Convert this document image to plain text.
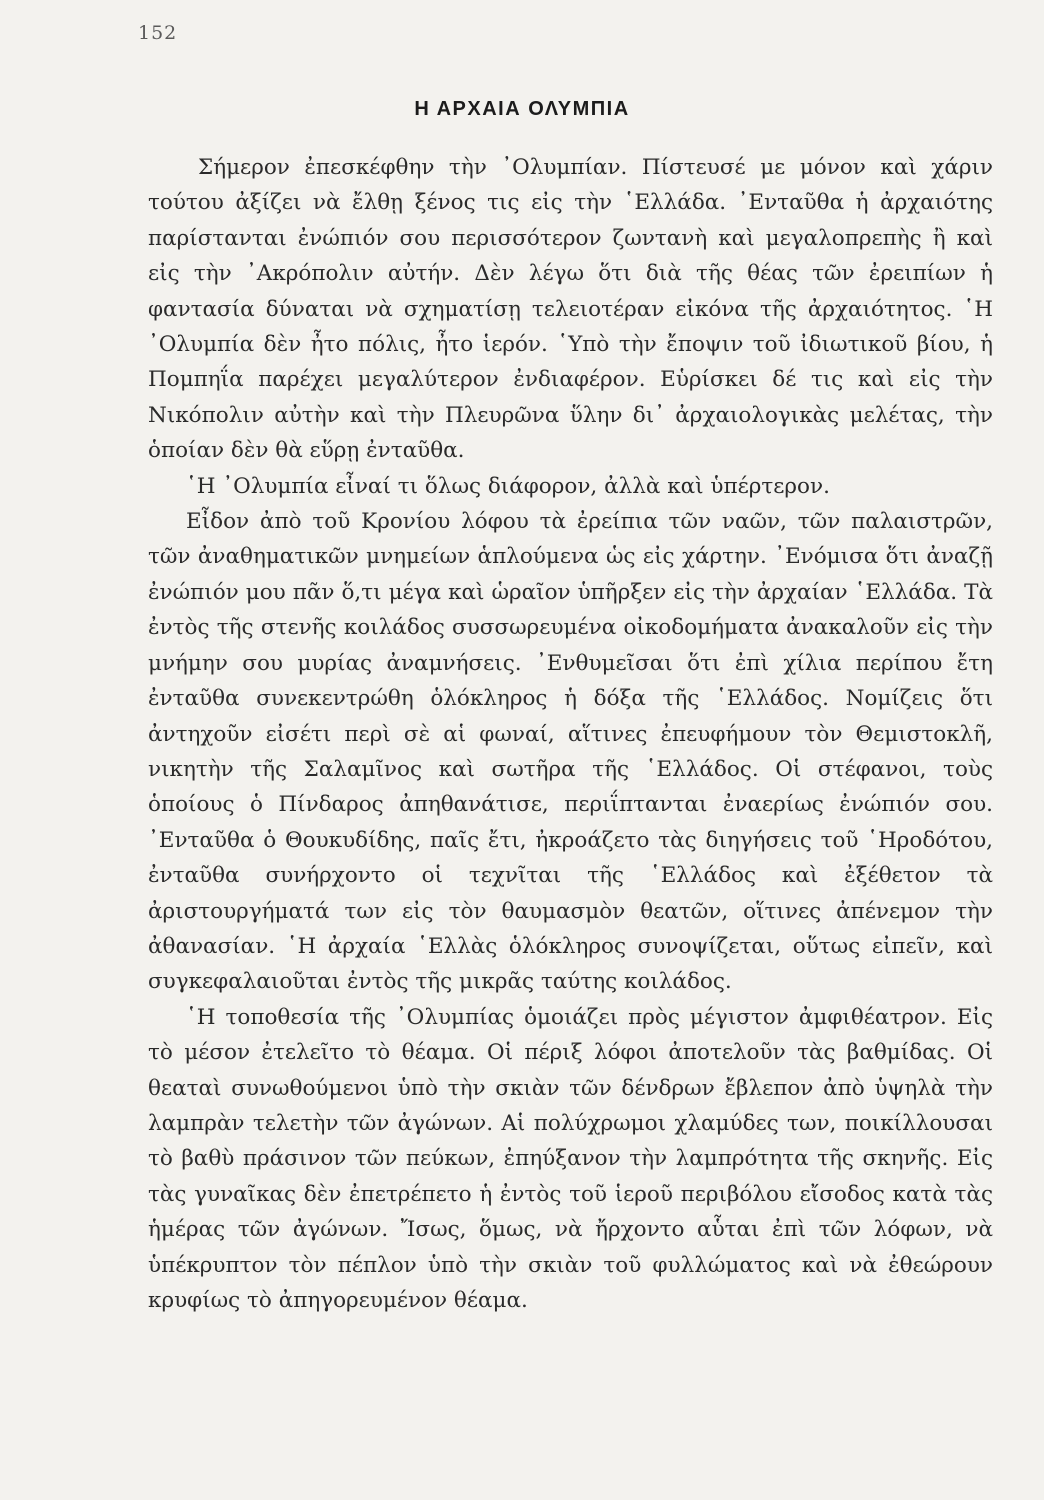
152
Η ΑΡΧΑΙΑ ΟΛΥΜΠΙΑ

Σήμερον ἐπεσκέφθην τὴν ᾽Ολυμπίαν. Πίστευσέ με μόνον καὶ χάριν τούτου ἀξίζει νὰ ἔλθῃ ξένος τις εἰς τὴν ῾Ελλάδα. ᾽Ενταῦθα ἡ ἀρχαιότης παρίστανται ἐνώπιόν σου περισσότερον ζωντανὴ καὶ μεγαλοπρεπὴς ἢ καὶ εἰς τὴν ᾽Ακρόπολιν αὐτήν. Δὲν λέγω ὅτι διὰ τῆς θέας τῶν ἐρειπίων ἡ φαντασία δύναται νὰ σχηματίσῃ τελειοτέραν εἰκόνα τῆς ἀρχαιότητος. ῾Η ᾽Ολυμπία δὲν ἦτο πόλις, ἦτο ἱερόν. ῾Υπὸ τὴν ἔποψιν τοῦ ἰδιωτικοῦ βίου, ἡ Πομπηΐα παρέχει μεγαλύτερον ἐνδιαφέρον. Εὑρίσκει δέ τις καὶ εἰς τὴν Νικόπολιν αὐτὴν καὶ τὴν Πλευρῶνα ὕλην δι᾽ ἀρχαιολογικὰς μελέτας, τὴν ὁποίαν δὲν θὰ εὕρῃ ἐνταῦθα.

῾Η ᾽Ολυμπία εἶναί τι ὅλως διάφορον, ἀλλὰ καὶ ὑπέρτερον.

Εἶδον ἀπὸ τοῦ Κρονίου λόφου τὰ ἐρείπια τῶν ναῶν, τῶν παλαιστρῶν, τῶν ἀναθηματικῶν μνημείων ἁπλούμενα ὡς εἰς χάρτην. ᾽Ενόμισα ὅτι ἀναζῇ ἐνώπιόν μου πᾶν ὅ,τι μέγα καὶ ὡραῖον ὑπῆρξεν εἰς τὴν ἀρχαίαν ῾Ελλάδα. Τὰ ἐντὸς τῆς στενῆς κοιλάδος συσσωρευμένα οἰκοδομήματα ἀνακαλοῦν εἰς τὴν μνήμην σου μυρίας ἀναμνήσεις. ᾽Ενθυμεῖσαι ὅτι ἐπὶ χίλια περίπου ἔτη ἐνταῦθα συνεκεντρώθη ὁλόκληρος ἡ δόξα τῆς ῾Ελλάδος. Νομίζεις ὅτι ἀντηχοῦν εἰσέτι περὶ σὲ αἱ φωναί, αἵτινες ἐπευφήμουν τὸν Θεμιστοκλῆ, νικητὴν τῆς Σαλαμῖνος καὶ σωτῆρα τῆς ῾Ελλάδος. Οἱ στέφανοι, τοὺς ὁποίους ὁ Πίνδαρος ἀπηθανάτισε, περιΐπτανται ἐναερίως ἐνώπιόν σου. ᾽Ενταῦθα ὁ Θουκυδίδης, παῖς ἔτι, ἠκροάζετο τὰς διηγήσεις τοῦ ῾Ηροδότου, ἐνταῦθα συνήρχοντο οἱ τεχνῖται τῆς ῾Ελλάδος καὶ ἐξέθετον τὰ ἀριστουργήματά των εἰς τὸν θαυμασμὸν θεατῶν, οἵτινες ἀπένεμον τὴν ἀθανασίαν. ῾Η ἀρχαία ῾Ελλὰς ὁλόκληρος συνοψίζεται, οὕτως εἰπεῖν, καὶ συγκεφαλαιοῦται ἐντὸς τῆς μικρᾶς ταύτης κοιλάδος.

῾Η τοποθεσία τῆς ᾽Ολυμπίας ὁμοιάζει πρὸς μέγιστον ἀμφιθέατρον. Εἰς τὸ μέσον ἐτελεῖτο τὸ θέαμα. Οἱ πέριξ λόφοι ἀποτελοῦν τὰς βαθμίδας. Οἱ θεαταὶ συνωθούμενοι ὑπὸ τὴν σκιὰν τῶν δένδρων ἔβλεπον ἀπὸ ὑψηλὰ τὴν λαμπρὰν τελετὴν τῶν ἀγώνων. Αἱ πολύχρωμοι χλαμύδες των, ποικίλλουσαι τὸ βαθὺ πράσινον τῶν πεύκων, ἐπηύξανον τὴν λαμπρότητα τῆς σκηνῆς. Εἰς τὰς γυναῖκας δὲν ἐπετρέπετο ἡ ἐντὸς τοῦ ἱεροῦ περιβόλου εἴσοδος κατὰ τὰς ἡμέρας τῶν ἀγώνων. Ἴσως, ὅμως, νὰ ἤρχοντο αὗται ἐπὶ τῶν λόφων, νὰ ὑπέκρυπτον τὸν πέπλον ὑπὸ τὴν σκιὰν τοῦ φυλλώματος καὶ νὰ ἐθεώρουν κρυφίως τὸ ἀπηγορευμένον θέαμα.
